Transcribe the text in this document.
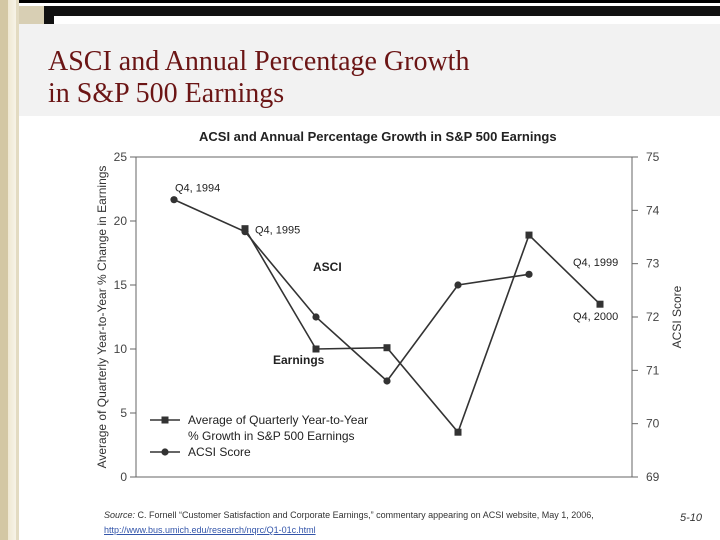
ASCI and Annual Percentage Growth
in S&P 500 Earnings
ACSI and Annual Percentage Growth in S&P 500 Earnings
0
5
10
15
20
25
69
70
71
72
73
74
75
Average of Quarterly Year-to-Year % Change in Earnings	ACSI Score
Q4, 1994
Q4, 1995
Q4, 1999
Q4, 2000
ASCI
Earnings
Average of Quarterly Year-to-Year
% Growth in S&P 500 Earnings
ACSI Score
Source: C. Fornell “Customer Satisfaction and Corporate Earnings,” commentary appearing on ACSI website, May 1, 2006,
http://www.bus.umich.edu/research/nqrc/Q1-01c.html
5-10
